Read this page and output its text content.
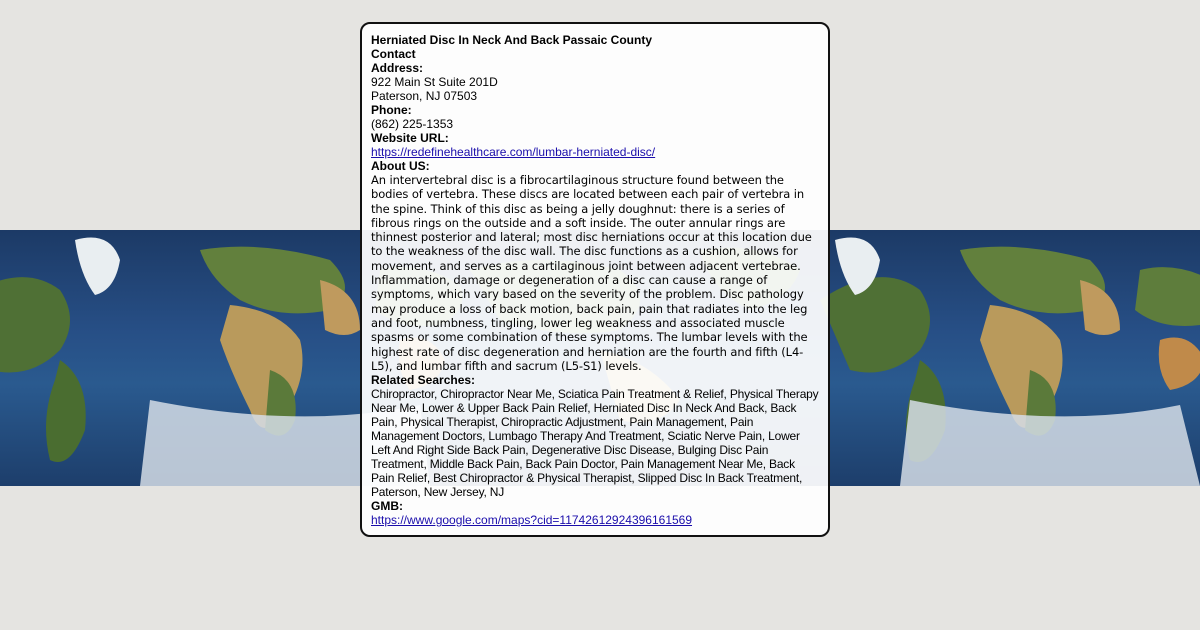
Herniated Disc In Neck And Back Passaic County
Contact
Address:
922 Main St Suite 201D
Paterson, NJ 07503
Phone:
(862) 225-1353
Website URL:
https://redefinehealthcare.com/lumbar-herniated-disc/
About US:
An intervertebral disc is a fibrocartilaginous structure found between the bodies of vertebra. These discs are located between each pair of vertebra in the spine. Think of this disc as being a jelly doughnut: there is a series of fibrous rings on the outside and a soft inside. The outer annular rings are thinnest posterior and lateral; most disc herniations occur at this location due to the weakness of the disc wall. The disc functions as a cushion, allows for movement, and serves as a cartilaginous joint between adjacent vertebrae. Inflammation, damage or degeneration of a disc can cause a range of symptoms, which vary based on the severity of the problem. Disc pathology may produce a loss of back motion, back pain, pain that radiates into the leg and foot, numbness, tingling, lower leg weakness and associated muscle spasms or some combination of these symptoms. The lumbar levels with the highest rate of disc degeneration and herniation are the fourth and fifth (L4-L5), and lumbar fifth and sacrum (L5-S1) levels.
Related Searches:
Chiropractor, Chiropractor Near Me, Sciatica Pain Treatment & Relief, Physical Therapy Near Me, Lower & Upper Back Pain Relief, Herniated Disc In Neck And Back, Back Pain, Physical Therapist, Chiropractic Adjustment, Pain Management, Pain Management Doctors, Lumbago Therapy And Treatment, Sciatic Nerve Pain, Lower Left And Right Side Back Pain, Degenerative Disc Disease, Bulging Disc Pain Treatment, Middle Back Pain, Back Pain Doctor, Pain Management Near Me, Back Pain Relief, Best Chiropractor & Physical Therapist, Slipped Disc In Back Treatment, Paterson, New Jersey, NJ
GMB:
https://www.google.com/maps?cid=11742612924396161569
